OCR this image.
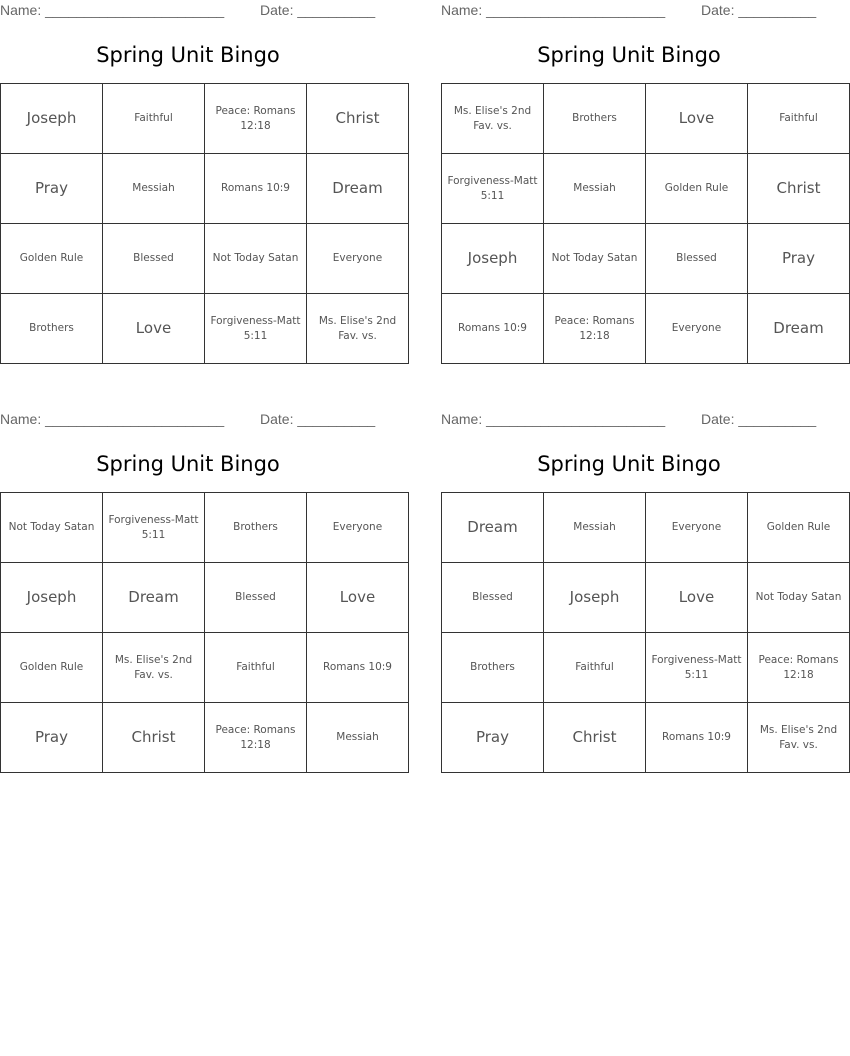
Name: _______________________	Date: __________
Spring Unit Bingo
Joseph	Faithful	Peace: Romans 12:18	Christ
Pray	Messiah	Romans 10:9	Dream
Golden Rule	Blessed	Not Today Satan	Everyone
Brothers	Love	Forgiveness-Matt 5:11	Ms. Elise's 2nd Fav. vs.
Name: _______________________	Date: __________
Spring Unit Bingo
Ms. Elise's 2nd Fav. vs.	Brothers	Love	Faithful
Forgiveness-Matt 5:11	Messiah	Golden Rule	Christ
Joseph	Not Today Satan	Blessed	Pray
Romans 10:9	Peace: Romans 12:18	Everyone	Dream
Name: _______________________	Date: __________
Spring Unit Bingo
Not Today Satan	Forgiveness-Matt 5:11	Brothers	Everyone
Joseph	Dream	Blessed	Love
Golden Rule	Ms. Elise's 2nd Fav. vs.	Faithful	Romans 10:9
Pray	Christ	Peace: Romans 12:18	Messiah
Name: _______________________	Date: __________
Spring Unit Bingo
Dream	Messiah	Everyone	Golden Rule
Blessed	Joseph	Love	Not Today Satan
Brothers	Faithful	Forgiveness-Matt 5:11	Peace: Romans 12:18
Pray	Christ	Romans 10:9	Ms. Elise's 2nd Fav. vs.
